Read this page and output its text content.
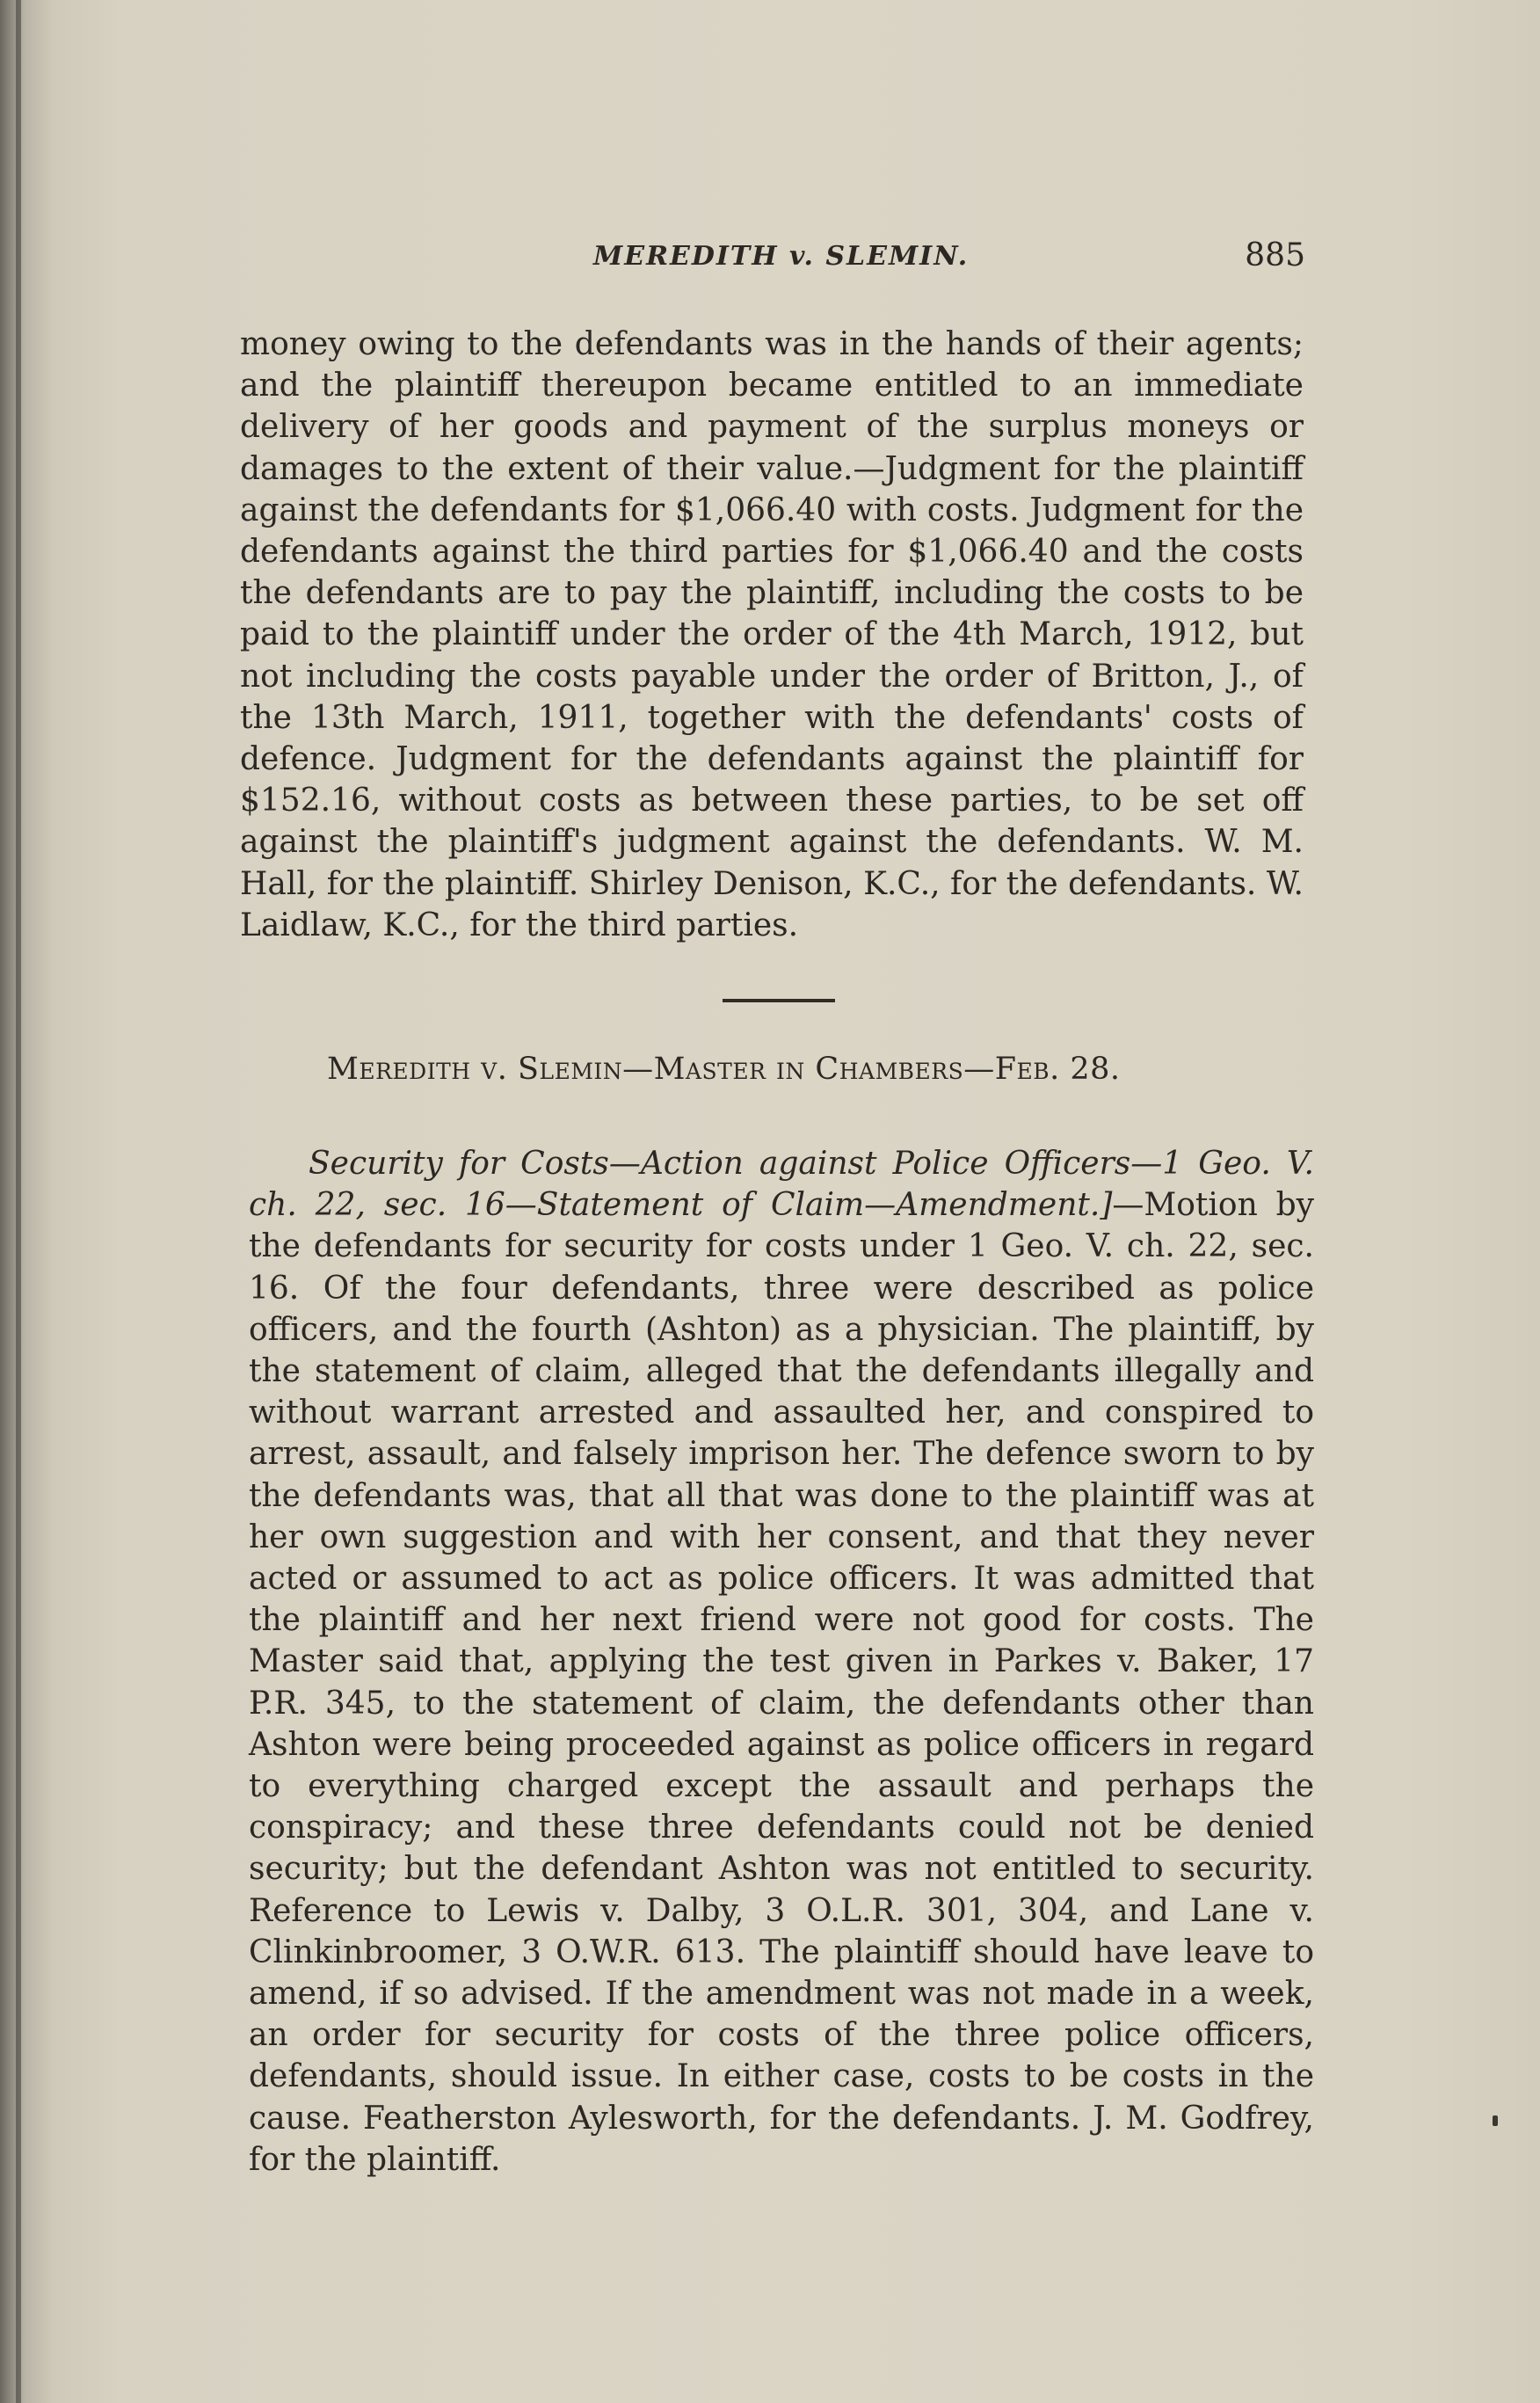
MEREDITH v. SLEMIN.	885

money owing to the defendants was in the hands of their agents; and the plaintiff thereupon became entitled to an immediate delivery of her goods and payment of the surplus moneys or damages to the extent of their value.—Judgment for the plaintiff against the defendants for $1,066.40 with costs. Judgment for the defendants against the third parties for $1,066.40 and the costs the defendants are to pay the plaintiff, including the costs to be paid to the plaintiff under the order of the 4th March, 1912, but not including the costs payable under the order of Britton, J., of the 13th March, 1911, together with the defendants' costs of defence. Judgment for the defendants against the plaintiff for $152.16, without costs as between these parties, to be set off against the plaintiff's judgment against the defendants. W. M. Hall, for the plaintiff. Shirley Denison, K.C., for the defendants. W. Laidlaw, K.C., for the third parties.

Meredith v. Slemin—Master in Chambers—Feb. 28.

Security for Costs—Action against Police Officers—1 Geo. V. ch. 22, sec. 16—Statement of Claim—Amendment.]—Motion by the defendants for security for costs under 1 Geo. V. ch. 22, sec. 16. Of the four defendants, three were described as police officers, and the fourth (Ashton) as a physician. The plaintiff, by the statement of claim, alleged that the defendants illegally and without warrant arrested and assaulted her, and conspired to arrest, assault, and falsely imprison her. The defence sworn to by the defendants was, that all that was done to the plaintiff was at her own suggestion and with her consent, and that they never acted or assumed to act as police officers. It was admitted that the plaintiff and her next friend were not good for costs. The Master said that, applying the test given in Parkes v. Baker, 17 P.R. 345, to the statement of claim, the defendants other than Ashton were being proceeded against as police officers in regard to everything charged except the assault and perhaps the conspiracy; and these three defendants could not be denied security; but the defendant Ashton was not entitled to security. Reference to Lewis v. Dalby, 3 O.L.R. 301, 304, and Lane v. Clinkinbroomer, 3 O.W.R. 613. The plaintiff should have leave to amend, if so advised. If the amendment was not made in a week, an order for security for costs of the three police officers, defendants, should issue. In either case, costs to be costs in the cause. Featherston Aylesworth, for the defendants. J. M. Godfrey, for the plaintiff.
